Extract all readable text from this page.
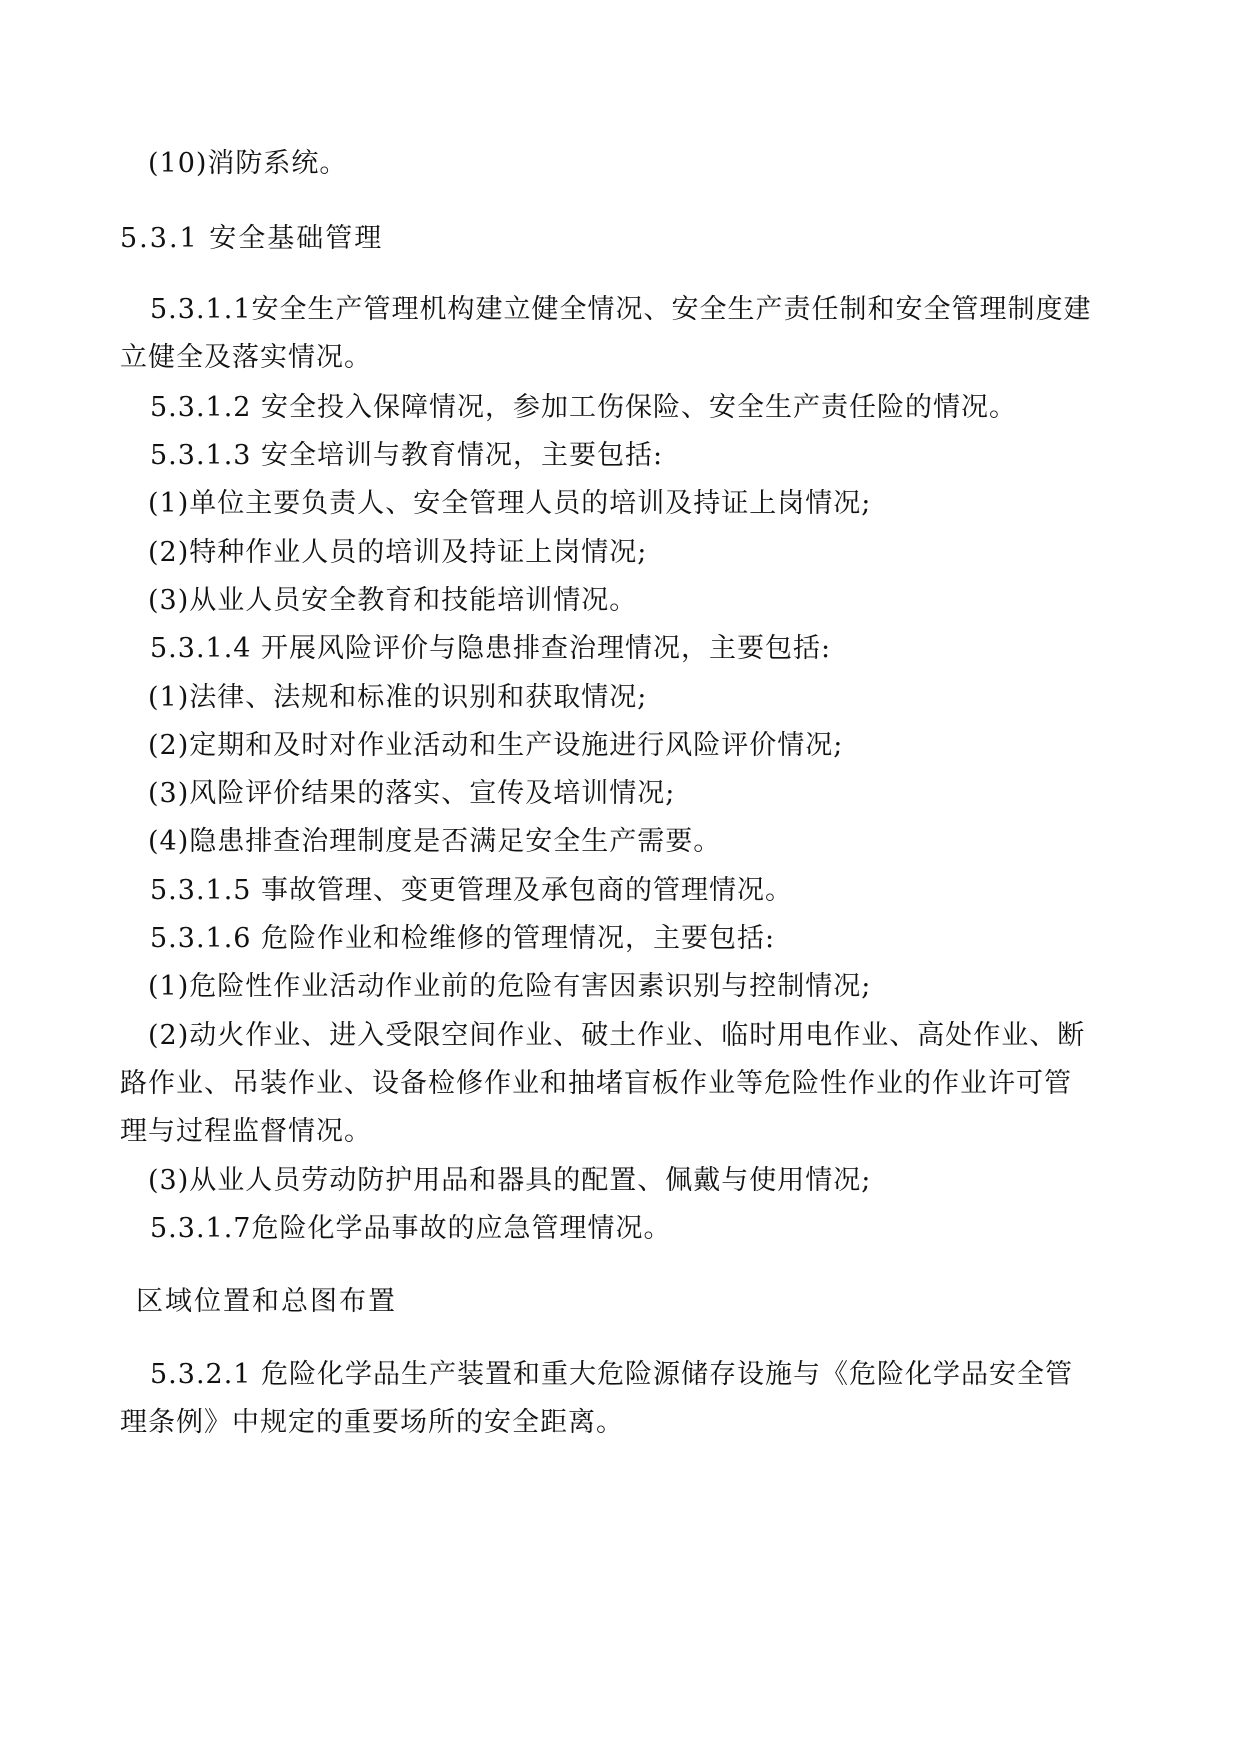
(10)消防系统。
5.3.1 安全基础管理
5.3.1.1安全生产管理机构建立健全情况、安全生产责任制和安全管理制度建
立健全及落实情况。
5.3.1.2 安全投入保障情况，参加工伤保险、安全生产责任险的情况。
5.3.1.3 安全培训与教育情况，主要包括:
(1)单位主要负责人、安全管理人员的培训及持证上岗情况;
(2)特种作业人员的培训及持证上岗情况;
(3)从业人员安全教育和技能培训情况。
5.3.1.4 开展风险评价与隐患排查治理情况，主要包括:
(1)法律、法规和标准的识别和获取情况;
(2)定期和及时对作业活动和生产设施进行风险评价情况;
(3)风险评价结果的落实、宣传及培训情况;
(4)隐患排查治理制度是否满足安全生产需要。
5.3.1.5 事故管理、变更管理及承包商的管理情况。
5.3.1.6 危险作业和检维修的管理情况，主要包括:
(1)危险性作业活动作业前的危险有害因素识别与控制情况;
(2)动火作业、进入受限空间作业、破土作业、临时用电作业、高处作业、断
路作业、吊装作业、设备检修作业和抽堵盲板作业等危险性作业的作业许可管
理与过程监督情况。
(3)从业人员劳动防护用品和器具的配置、佩戴与使用情况;
5.3.1.7危险化学品事故的应急管理情况。
区域位置和总图布置
5.3.2.1 危险化学品生产装置和重大危险源储存设施与《危险化学品安全管
理条例》中规定的重要场所的安全距离。
